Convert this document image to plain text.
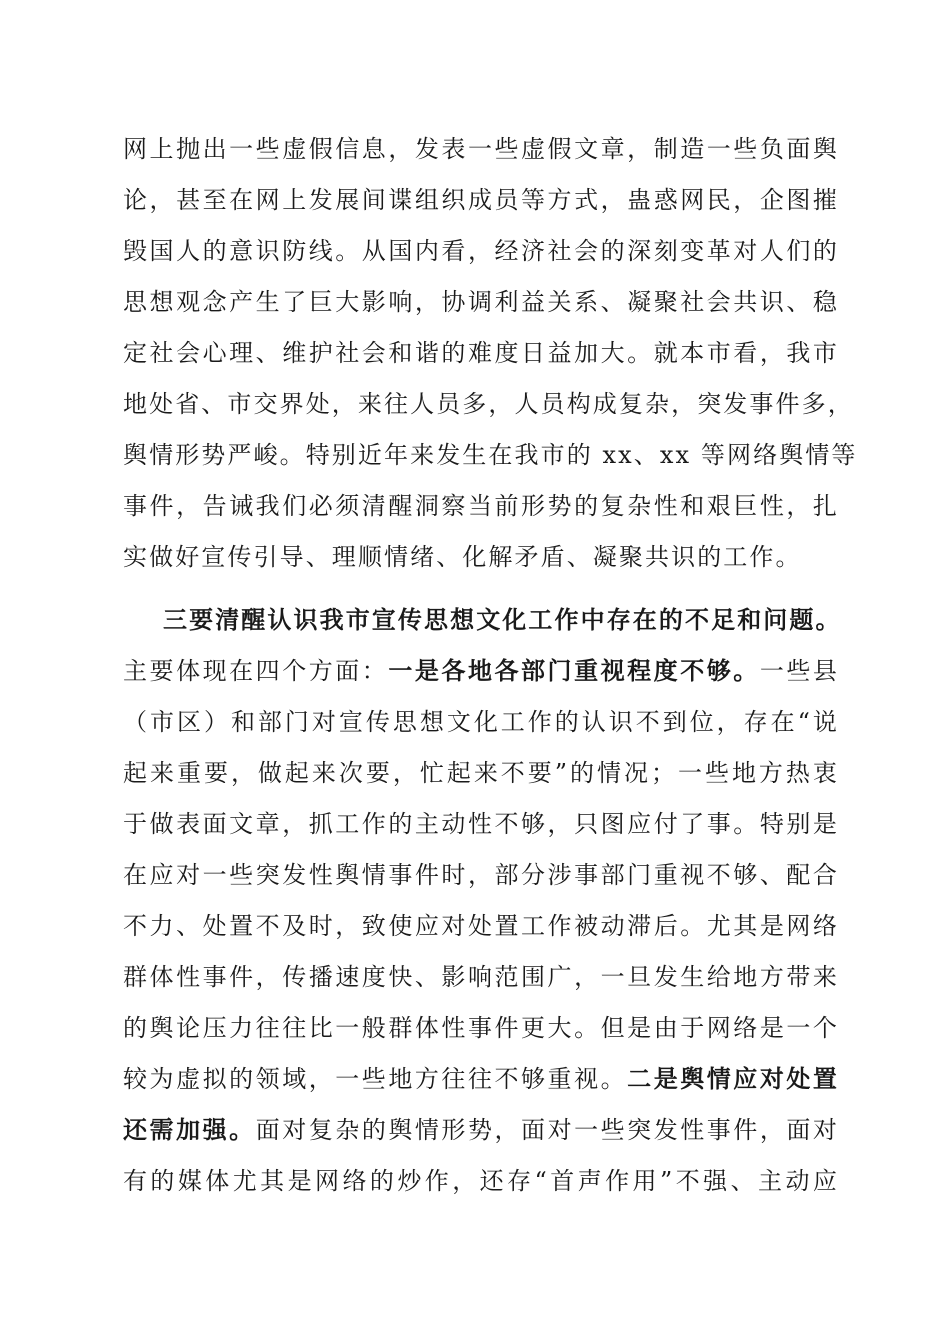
网上抛出一些虚假信息，发表一些虚假文章，制造一些负面舆
论，甚至在网上发展间谍组织成员等方式，蛊惑网民，企图摧
毁国人的意识防线。从国内看，经济社会的深刻变革对人们的
思想观念产生了巨大影响，协调利益关系、凝聚社会共识、稳
定社会心理、维护社会和谐的难度日益加大。就本市看，我市
地处省、市交界处，来往人员多，人员构成复杂，突发事件多，
舆情形势严峻。特别近年来发生在我市的 xx、xx 等网络舆情等
事件，告诫我们必须清醒洞察当前形势的复杂性和艰巨性，扎
实做好宣传引导、理顺情绪、化解矛盾、凝聚共识的工作。
三要清醒认识我市宣传思想文化工作中存在的不足和问题。
主要体现在四个方面：一是各地各部门重视程度不够。一些县
（市区）和部门对宣传思想文化工作的认识不到位，存在“说
起来重要，做起来次要，忙起来不要”的情况；一些地方热衷
于做表面文章，抓工作的主动性不够，只图应付了事。特别是
在应对一些突发性舆情事件时，部分涉事部门重视不够、配合
不力、处置不及时，致使应对处置工作被动滞后。尤其是网络
群体性事件，传播速度快、影响范围广，一旦发生给地方带来
的舆论压力往往比一般群体性事件更大。但是由于网络是一个
较为虚拟的领域，一些地方往往不够重视。二是舆情应对处置
还需加强。面对复杂的舆情形势，面对一些突发性事件，面对
有的媒体尤其是网络的炒作，还存“首声作用”不强、主动应
